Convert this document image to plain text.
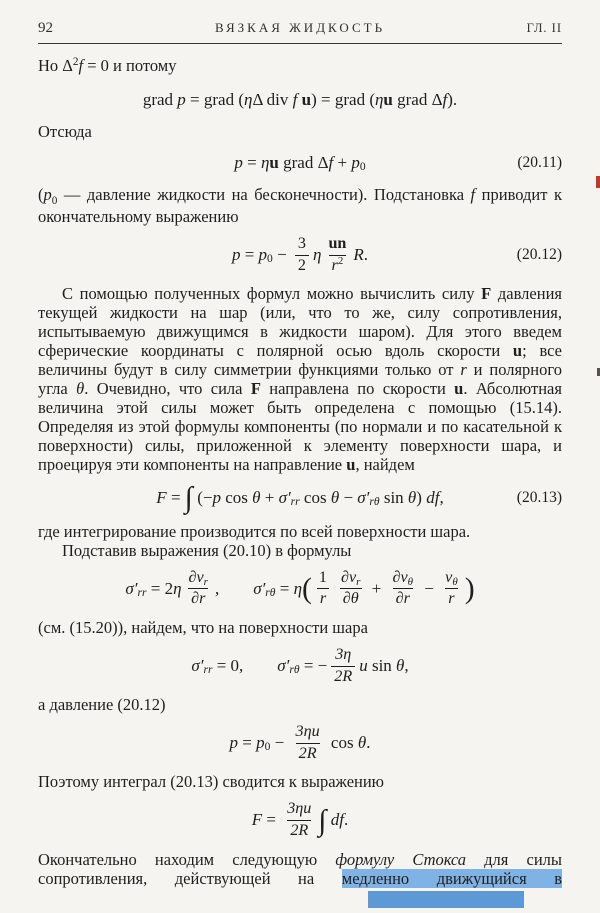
92	ВЯЗКАЯ ЖИДКОСТЬ	ГЛ. II

Но $\Delta^2f = 0$ и потому

grad p = grad ( η Δ div f
u ) = grad ( η u grad Δ f ).

Отсюда

p = η u grad Δ f + p 0	(20.11)

($p_0$ — давление жидкости на бесконечности). Подстановка f приводит к окончательному выражению

p = p $0 - \frac{3}{2}$ η $\frac{un}{r^2}$ R .	(20.12)

С помощью полученных формул можно вычислить силу F давления текущей жидкости на шар (или, что то же, силу сопротивления, испытываемую движущимся в жидкости шаром). Для этого введем сферические координаты с полярной осью вдоль скорости u; все величины будут в силу симметрии функциями только от r и полярного угла θ. Очевидно, что сила F направлена по скорости u. Абсолютная величина этой силы может быть определена с помощью (15.14). Определяя из этой формулы компоненты (по нормали и по касательной к поверхности) силы, приложенной к элементу поверхности шара, и проецируя эти компоненты на направление u, найдем

F = ∫ (− p cos θ + σ′ rr cos θ − σ′ rθ sin θ ) df ,	(20.13)

где интегрирование производится по всей поверхности шара.

Подставив выражения (20.10) в формулы

σ′ rr = 2 η $\frac{\partial v_r}{\partial r}$ , σ′ rθ = η ( $\frac{1}{r} \frac{\partial v_r}{\partial\theta} + \frac{\partial v_\theta}{\partial r} - \frac{v_\theta}{r}$ )

(см. (15.20)), найдем, что на поверхности шара

σ′ rr = 0, σ′ rθ = − $\frac{3\eta}{2R}$ u sin θ ,

а давление (20.12)

p = p $0 - \frac{3\eta u}{2R}$ cos θ .

Поэтому интеграл (20.13) сводится к выражению

$F = \frac{3\eta u}{2R}$ ∫
df .

Окончательно находим следующую формулу Стокса для силы сопротивления, действующей на медленно движущийся в
